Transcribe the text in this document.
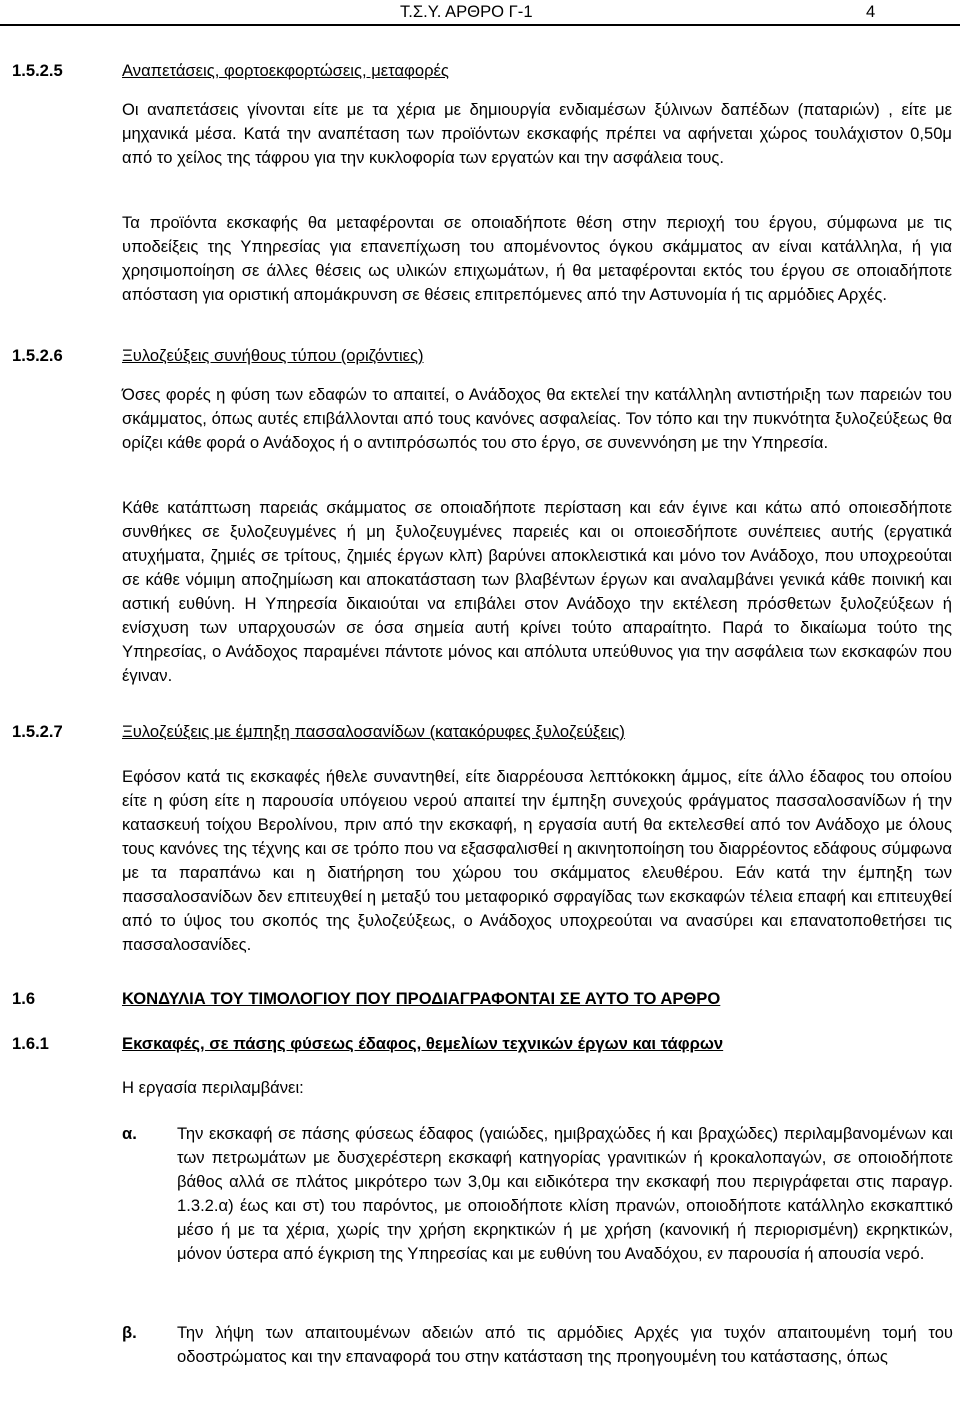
Τ.Σ.Υ. ΑΡΘΡΟ Γ-1	4
1.5.2.5	Αναπετάσεις, φορτοεκφορτώσεις, μεταφορές
Οι αναπετάσεις γίνονται είτε με τα χέρια με δημιουργία ενδιαμέσων ξύλινων δαπέδων (παταριών) , είτε με μηχανικά μέσα. Κατά την αναπέταση των προϊόντων εκσκαφής πρέπει να αφήνεται χώρος τουλάχιστον 0,50μ από το χείλος της τάφρου για την κυκλοφορία των εργατών και την ασφάλεια τους.
Τα προϊόντα εκσκαφής θα μεταφέρονται σε οποιαδήποτε θέση στην περιοχή του έργου, σύμφωνα με τις υποδείξεις της Υπηρεσίας για επανεπίχωση του απομένοντος όγκου σκάμματος αν είναι κατάλληλα, ή για χρησιμοποίηση σε άλλες θέσεις ως υλικών επιχωμάτων, ή θα μεταφέρονται εκτός του έργου σε οποιαδήποτε απόσταση για οριστική απομάκρυνση σε θέσεις επιτρεπόμενες από την Αστυνομία ή τις αρμόδιες Αρχές.
1.5.2.6	Ξυλοζεύξεις συνήθους τύπου (οριζόντιες)
Όσες φορές η φύση των εδαφών το απαιτεί, ο Ανάδοχος θα εκτελεί την κατάλληλη αντιστήριξη των παρειών του σκάμματος, όπως αυτές επιβάλλονται από τους κανόνες ασφαλείας. Τον τόπο και την πυκνότητα ξυλοζεύξεως θα ορίζει κάθε φορά ο Ανάδοχος ή ο αντιπρόσωπός του στο έργο, σε συνεννόηση με την Υπηρεσία.
Κάθε κατάπτωση παρειάς σκάμματος σε οποιαδήποτε περίσταση και εάν έγινε και κάτω από οποιεσδήποτε συνθήκες σε ξυλοζευγμένες ή μη ξυλοζευγμένες παρειές και οι οποιεσδήποτε συνέπειες αυτής (εργατικά ατυχήματα, ζημιές σε τρίτους, ζημιές έργων κλπ) βαρύνει αποκλειστικά και μόνο τον Ανάδοχο, που υποχρεούται σε κάθε νόμιμη αποζημίωση και αποκατάσταση των βλαβέντων έργων και αναλαμβάνει γενικά κάθε ποινική και αστική ευθύνη. Η Υπηρεσία δικαιούται να επιβάλει στον Ανάδοχο την εκτέλεση πρόσθετων ξυλοζεύξεων ή ενίσχυση των υπαρχουσών σε όσα σημεία αυτή κρίνει τούτο απαραίτητο. Παρά το δικαίωμα τούτο της Υπηρεσίας, ο Ανάδοχος παραμένει πάντοτε μόνος και απόλυτα υπεύθυνος για την ασφάλεια των εκσκαφών που έγιναν.
1.5.2.7	Ξυλοζεύξεις με έμπηξη πασσαλοσανίδων (κατακόρυφες ξυλοζεύξεις)
Εφόσον κατά τις εκσκαφές ήθελε συναντηθεί, είτε διαρρέουσα λεπτόκοκκη άμμος, είτε άλλο έδαφος του οποίου είτε η φύση είτε η παρουσία υπόγειου νερού απαιτεί την έμπηξη συνεχούς φράγματος πασσαλοσανίδων ή την κατασκευή τοίχου Βερολίνου, πριν από την εκσκαφή, η εργασία αυτή θα εκτελεσθεί από τον Ανάδοχο με όλους τους κανόνες της τέχνης και σε τρόπο που να εξασφαλισθεί η ακινητοποίηση του διαρρέοντος εδάφους σύμφωνα με τα παραπάνω και η διατήρηση του χώρου του σκάμματος ελευθέρου. Εάν κατά την έμπηξη των πασσαλοσανίδων δεν επιτευχθεί η μεταξύ του μεταφορικό σφραγίδας των εκσκαφών τέλεια επαφή και επιτευχθεί από το ύψος του σκοπός της ξυλοζεύξεως, ο Ανάδοχος υποχρεούται να ανασύρει και επανατοποθετήσει τις πασσαλοσανίδες.
1.6	ΚΟΝΔΥΛΙΑ ΤΟΥ ΤΙΜΟΛΟΓΙΟΥ ΠΟΥ ΠΡΟΔΙΑΓΡΑΦΟΝΤΑΙ ΣΕ ΑΥΤΟ ΤΟ ΑΡΘΡΟ
1.6.1	Εκσκαφές, σε πάσης φύσεως έδαφος, θεμελίων τεχνικών έργων και τάφρων
Η εργασία περιλαμβάνει:
α. Την εκσκαφή σε πάσης φύσεως έδαφος (γαιώδες, ημιβραχώδες ή και βραχώδες) περιλαμβανομένων και των πετρωμάτων με δυσχερέστερη εκσκαφή κατηγορίας γρανιτικών ή κροκαλοπαγών, σε οποιοδήποτε βάθος αλλά σε πλάτος μικρότερο των 3,0μ και ειδικότερα την εκσκαφή που περιγράφεται στις παραγρ. 1.3.2.α) έως και στ) του παρόντος, με οποιοδήποτε κλίση πρανών, οποιοδήποτε κατάλληλο εκσκαπτικό μέσο ή με τα χέρια, χωρίς την χρήση εκρηκτικών ή με χρήση (κανονική ή περιορισμένη) εκρηκτικών, μόνον ύστερα από έγκριση της Υπηρεσίας και με ευθύνη του Αναδόχου, εν παρουσία ή απουσία νερό.
β. Την λήψη των απαιτουμένων αδειών από τις αρμόδιες Αρχές για τυχόν απαιτουμένη τομή του οδοστρώματος και την επαναφορά του στην κατάσταση της προηγουμένη του κατάστασης, όπως
